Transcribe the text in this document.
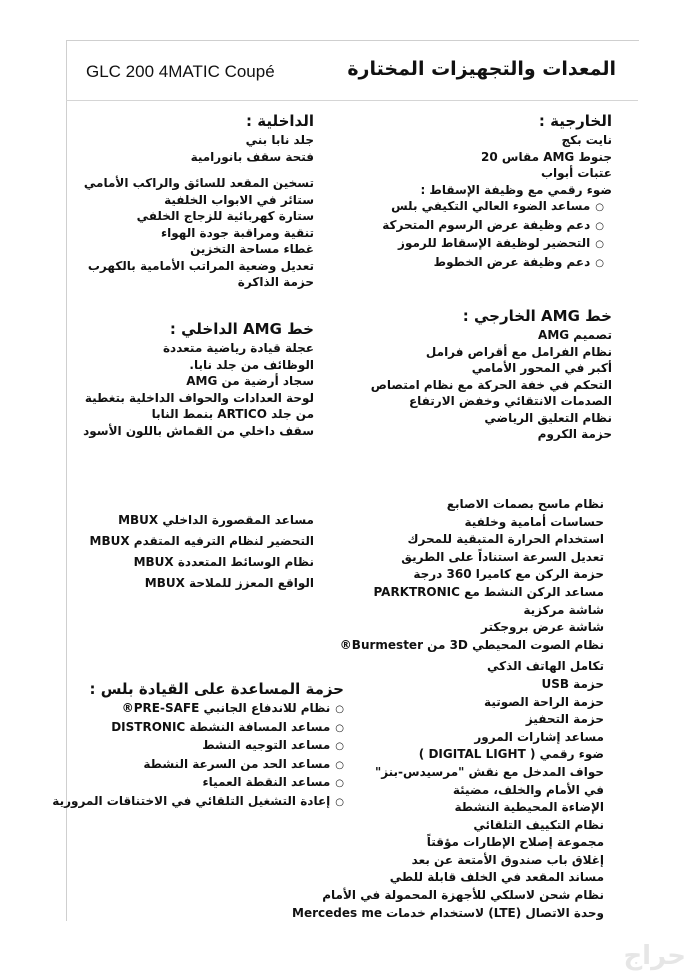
GLC 200 4MATIC Coupé	المعدات والتجهيزات المختارة
الخارجية :
نايت بكج
جنوط AMG مقاس 20
عتبات أبواب
ضوء رقمي مع وظيفة الإسقاط :
○ مساعد الضوء العالي التكيفي بلس
○ دعم وظيفة عرض الرسوم المتحركة
○ التحضير لوظيفة الإسقاط للرموز
○ دعم وظيفة عرض الخطوط
الداخلية :
جلد نابا بني
فتحة سقف بانورامية
تسخين المقعد للسائق والراكب الأمامي
ستائر في الابواب الخلفية
ستارة كهربائية للزجاج الخلفي
تنقية ومراقبة جودة الهواء
غطاء مساحة التخزين
تعديل وضعية المراتب الأمامية بالكهرب
حزمة الذاكرة
خط AMG الخارجي :
تصميم AMG
نظام الفرامل مع أقراص فرامل
أكبر في المحور الأمامي
التحكم في خفة الحركة مع نظام امتصاص
الصدمات الانتقائي وخفض الارتفاع
نظام التعليق الرياضي
حزمة الكروم
خط AMG الداخلي :
عجلة قيادة رياضية متعددة
الوظائف من جلد نابا.
سجاد أرضية من AMG
لوحة العدادات والحواف الداخلية بتغطية
من جلد ARTICO بنمط النابا
سقف داخلي من القماش باللون الأسود
مساعد المقصورة الداخلي MBUX
التحضير لنظام الترفيه المتقدم MBUX
نظام الوسائط المتعددة MBUX
الواقع المعزز للملاحة MBUX
حزمة المساعدة على القيادة بلس :
○ نظام للاندفاع الجانبي PRE-SAFE®
○ مساعد المسافة النشطة DISTRONIC
○ مساعد التوجيه النشط
○ مساعد الحد من السرعة النشطة
○ مساعد النقطة العمياء
○ إعادة التشغيل التلقائي في الاختناقات المرورية
نظام ماسح بصمات الاصابع
حساسات أمامية وخلفية
استخدام الحرارة المتبقية للمحرك
تعديل السرعة استناداً على الطريق
حزمة الركن مع كاميرا 360 درجة
مساعد الركن النشط مع PARKTRONIC
شاشة مركزية
شاشة عرض بروجكتر
نظام الصوت المحيطي 3D من Burmester®
تكامل الهاتف الذكي
حزمة USB
حزمة الراحة الصوتية
حزمة التحفيز
مساعد إشارات المرور
ضوء رقمي ( DIGITAL LIGHT )
حواف المدخل مع نقش "مرسيدس-بنز"
في الأمام والخلف، مضيئة
الإضاءة المحيطية النشطة
نظام التكييف التلقائي
مجموعة إصلاح الإطارات مؤقتاً
إغلاق باب صندوق الأمتعة عن بعد
مساند المقعد في الخلف قابلة للطي
نظام شحن لاسلكي للأجهزة المحمولة في الأمام
وحدة الاتصال (LTE) لاستخدام خدمات Mercedes me
حراج
